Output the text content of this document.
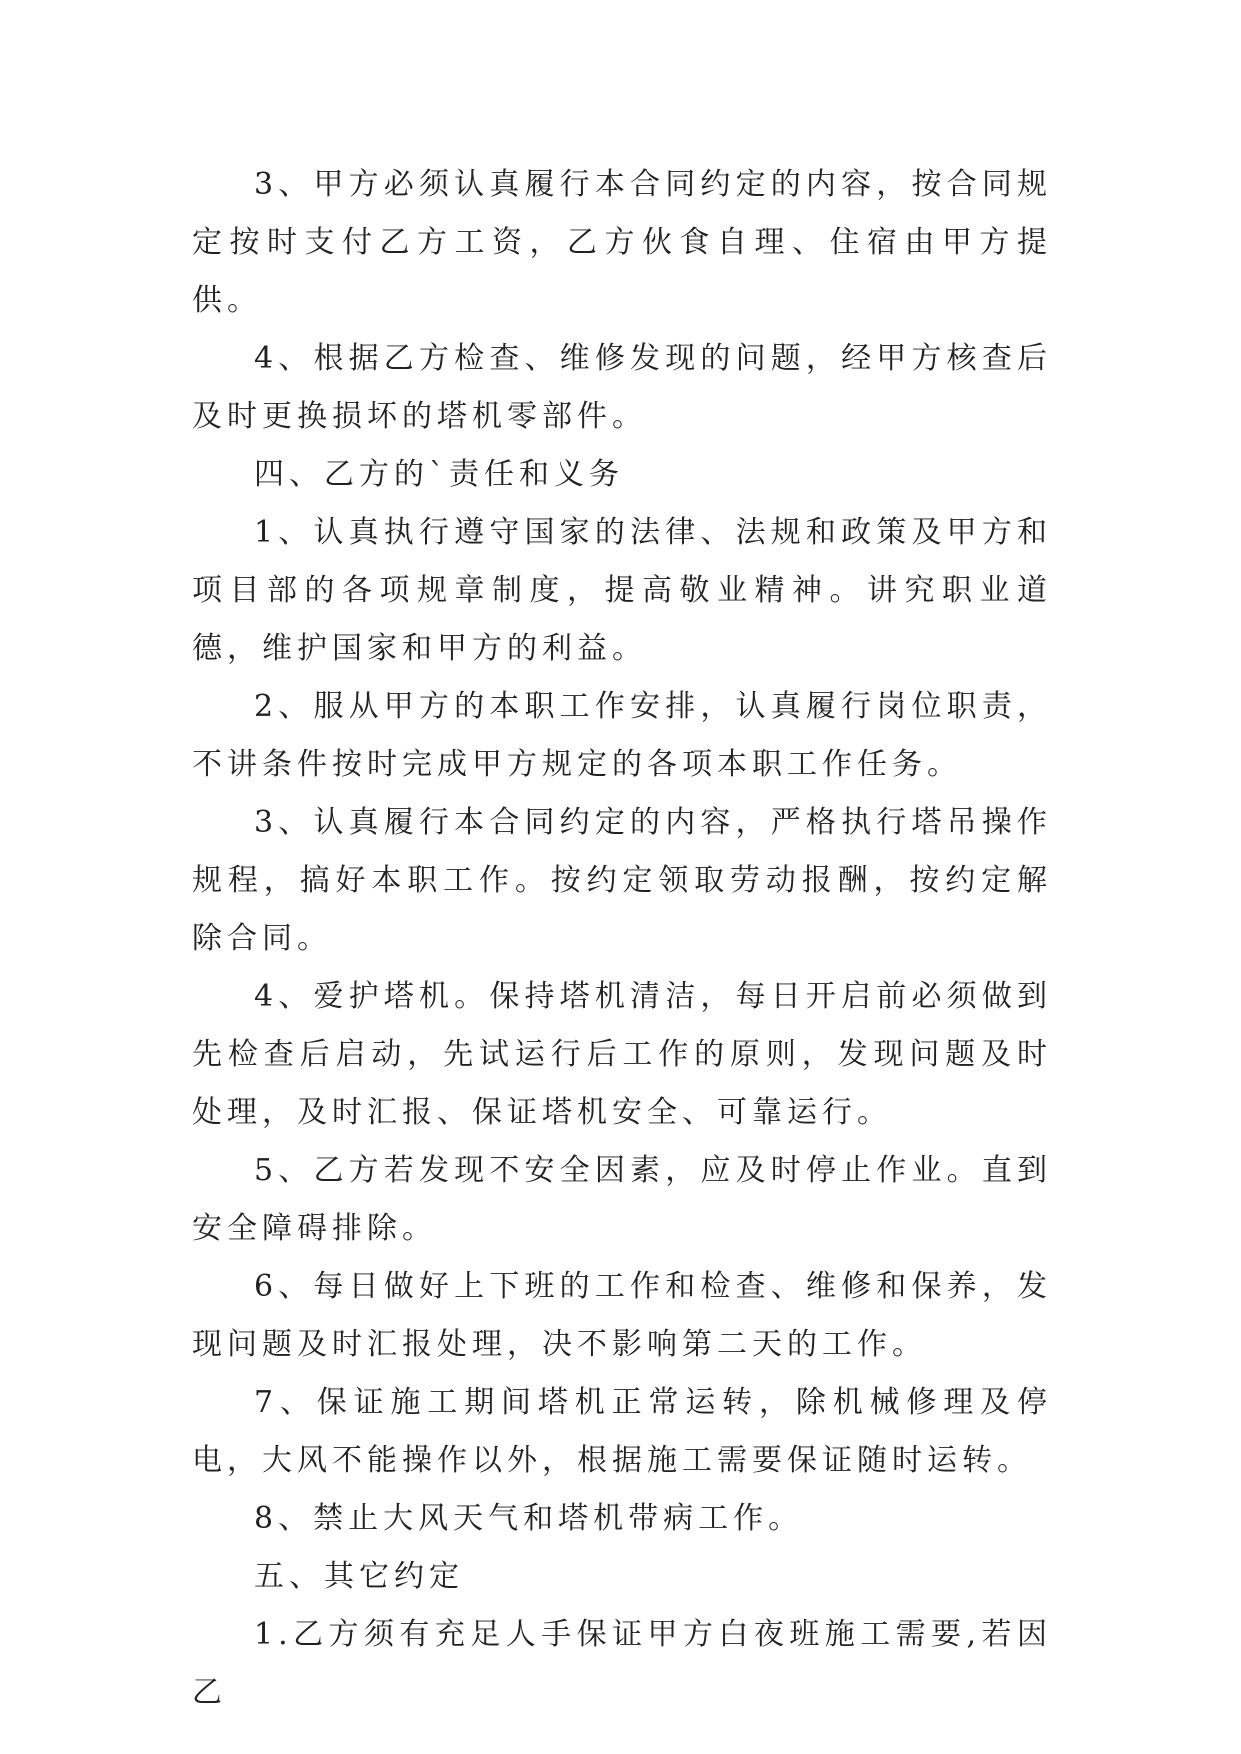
3、甲方必须认真履行本合同约定的内容，按合同规定按时支付乙方工资，乙方伙食自理、住宿由甲方提供。

4、根据乙方检查、维修发现的问题，经甲方核查后及时更换损坏的塔机零部件。

四、乙方的`责任和义务

1、认真执行遵守国家的法律、法规和政策及甲方和项目部的各项规章制度，提高敬业精神。讲究职业道德，维护国家和甲方的利益。

2、服从甲方的本职工作安排，认真履行岗位职责，不讲条件按时完成甲方规定的各项本职工作任务。

3、认真履行本合同约定的内容，严格执行塔吊操作规程，搞好本职工作。按约定领取劳动报酬，按约定解除合同。

4、爱护塔机。保持塔机清洁，每日开启前必须做到先检查后启动，先试运行后工作的原则，发现问题及时处理，及时汇报、保证塔机安全、可靠运行。

5、乙方若发现不安全因素，应及时停止作业。直到安全障碍排除。

6、每日做好上下班的工作和检查、维修和保养，发现问题及时汇报处理，决不影响第二天的工作。

7、保证施工期间塔机正常运转，除机械修理及停电，大风不能操作以外，根据施工需要保证随时运转。

8、禁止大风天气和塔机带病工作。

五、其它约定

1.乙方须有充足人手保证甲方白夜班施工需要,若因乙
